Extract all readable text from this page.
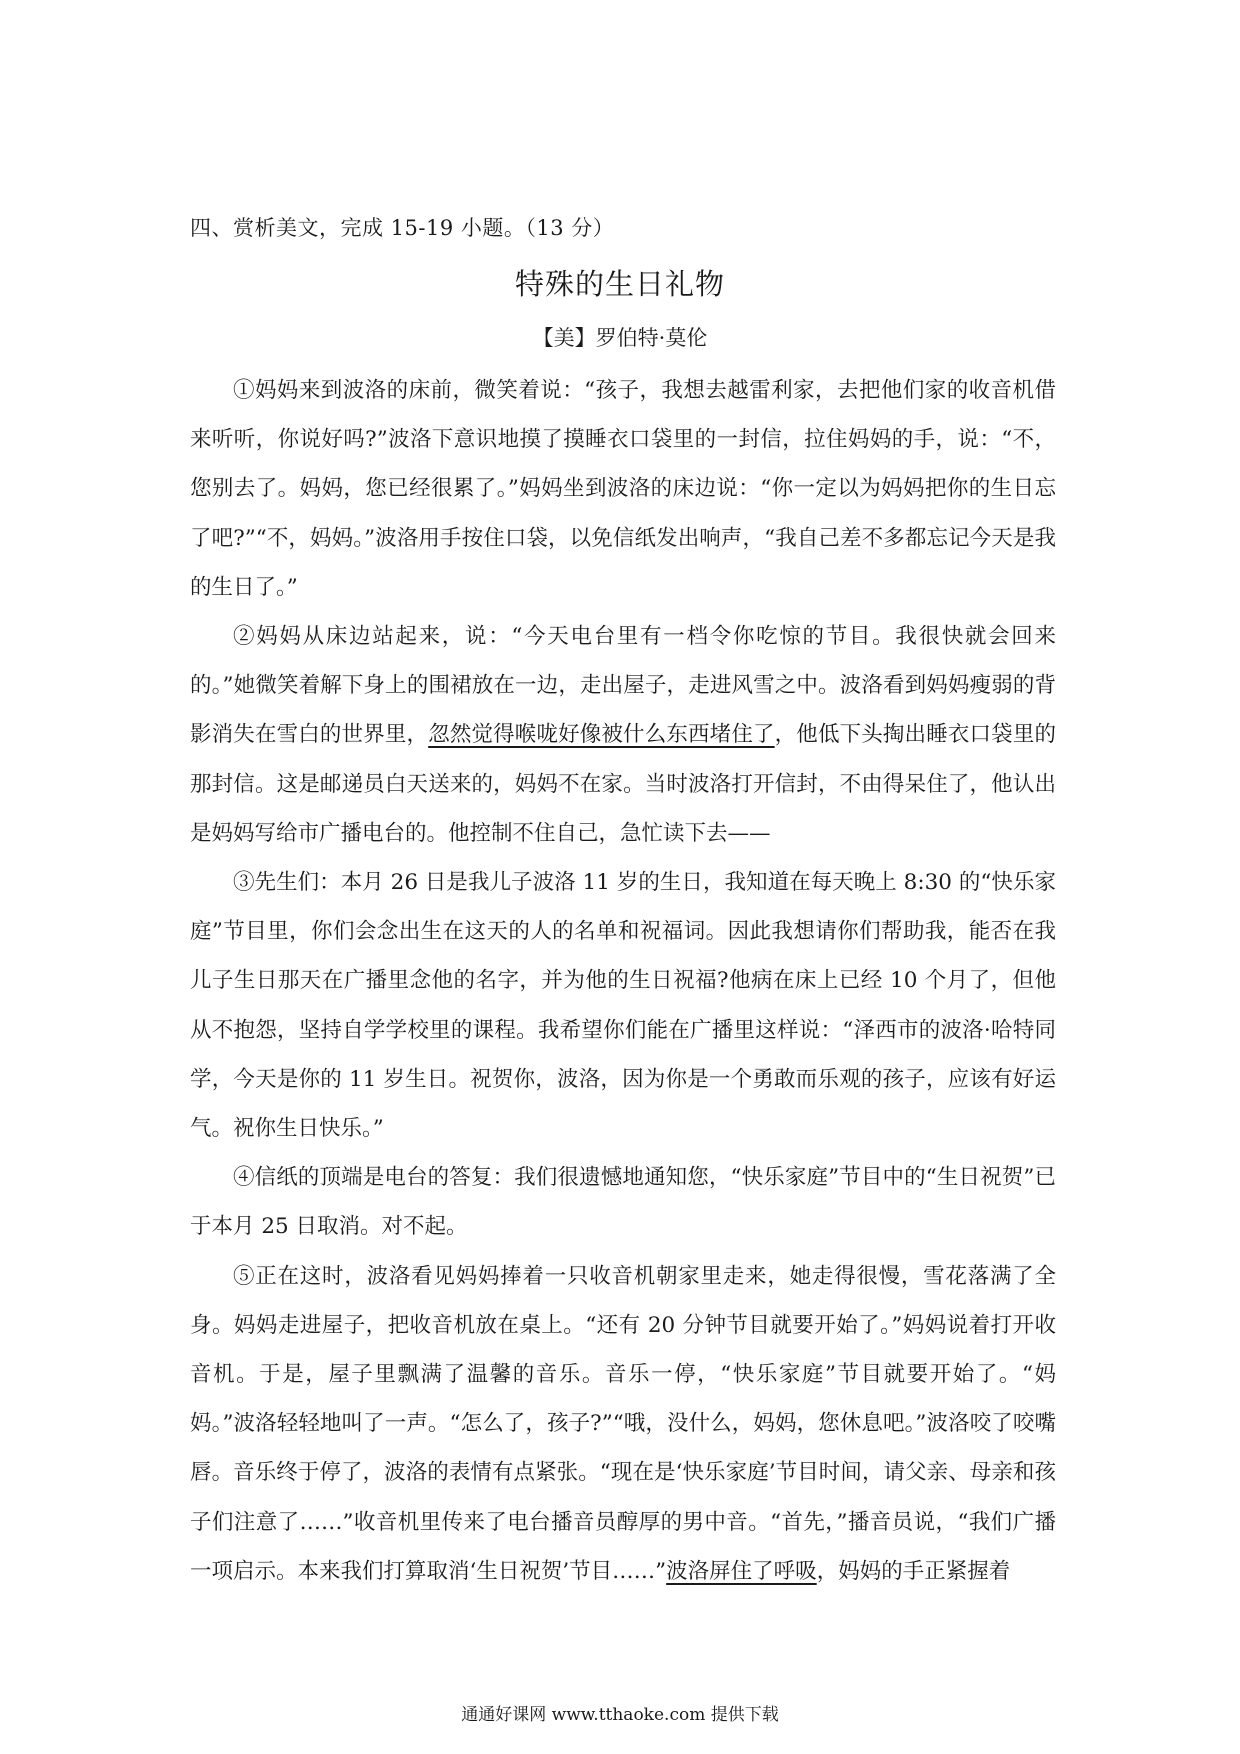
四、赏析美文，完成 15-19 小题。（13 分）
特殊的生日礼物
【美】罗伯特·莫伦

①妈妈来到波洛的床前，微笑着说：“孩子，我想去越雷利家，去把他们家的收音机借来听听，你说好吗?”波洛下意识地摸了摸睡衣口袋里的一封信，拉住妈妈的手，说：“不，您别去了。妈妈，您已经很累了。”妈妈坐到波洛的床边说：“你一定以为妈妈把你的生日忘了吧?”“不，妈妈。”波洛用手按住口袋，以免信纸发出响声，“我自己差不多都忘记今天是我的生日了。”

②妈妈从床边站起来，说：“今天电台里有一档令你吃惊的节目。我很快就会回来的。”她微笑着解下身上的围裙放在一边，走出屋子，走进风雪之中。波洛看到妈妈瘦弱的背影消失在雪白的世界里，忽然觉得喉咙好像被什么东西堵住了，他低下头掏出睡衣口袋里的那封信。这是邮递员白天送来的，妈妈不在家。当时波洛打开信封，不由得呆住了，他认出是妈妈写给市广播电台的。他控制不住自己，急忙读下去——

③先生们：本月 26 日是我儿子波洛 11 岁的生日，我知道在每天晚上 8:30 的“快乐家庭”节目里，你们会念出生在这天的人的名单和祝福词。因此我想请你们帮助我，能否在我儿子生日那天在广播里念他的名字，并为他的生日祝福?他病在床上已经 10 个月了，但他从不抱怨，坚持自学学校里的课程。我希望你们能在广播里这样说：“泽西市的波洛·哈特同学，今天是你的 11 岁生日。祝贺你，波洛，因为你是一个勇敢而乐观的孩子，应该有好运气。祝你生日快乐。”

④信纸的顶端是电台的答复：我们很遗憾地通知您，“快乐家庭”节目中的“生日祝贺”已于本月 25 日取消。对不起。

⑤正在这时，波洛看见妈妈捧着一只收音机朝家里走来，她走得很慢，雪花落满了全身。妈妈走进屋子，把收音机放在桌上。“还有 20 分钟节目就要开始了。”妈妈说着打开收音机。于是，屋子里飘满了温馨的音乐。音乐一停，“快乐家庭”节目就要开始了。“妈妈。”波洛轻轻地叫了一声。“怎么了，孩子?”“哦，没什么，妈妈，您休息吧。”波洛咬了咬嘴唇。音乐终于停了，波洛的表情有点紧张。“现在是‘快乐家庭’节目时间，请父亲、母亲和孩子们注意了……”收音机里传来了电台播音员醇厚的男中音。“首先，”播音员说，“我们广播一项启示。本来我们打算取消‘生日祝贺’节目……”波洛屏住了呼吸，妈妈的手正紧握着

通通好课网 www.tthaoke.com 提供下载
